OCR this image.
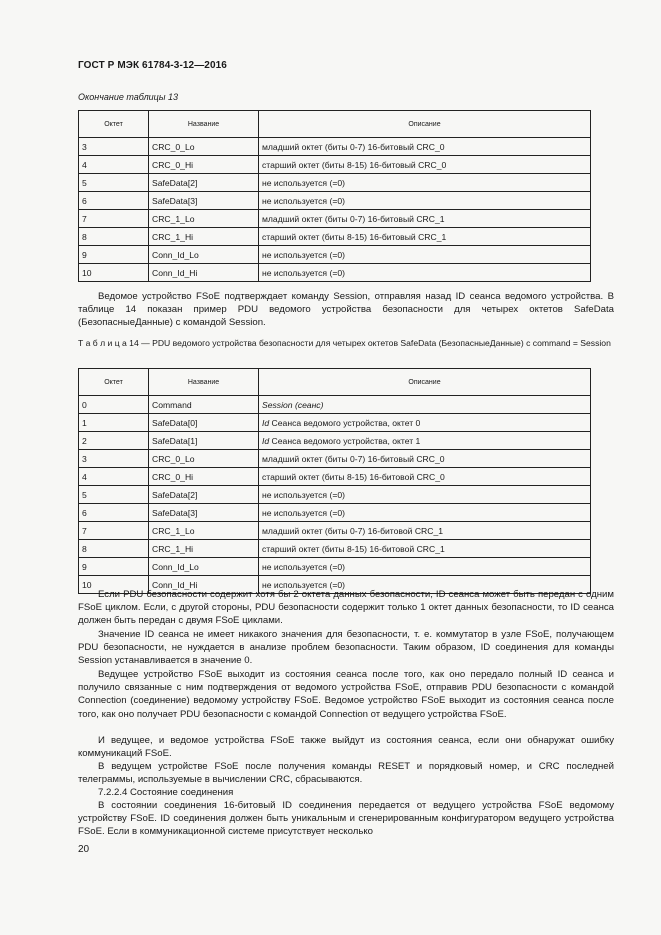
ГОСТ Р МЭК 61784-3-12—2016
Окончание таблицы 13
Октет	Название	Описание
3	CRC_0_Lo	младший октет (биты 0-7) 16-битовый CRC_0
4	CRC_0_Hi	старший октет (биты 8-15) 16-битовый CRC_0
5	SafeData[2]	не используется (=0)
6	SafeData[3]	не используется (=0)
7	CRC_1_Lo	младший октет (биты 0-7) 16-битовый CRC_1
8	CRC_1_Hi	старший октет (биты 8-15) 16-битовый CRC_1
9	Conn_Id_Lo	не используется (=0)
10	Conn_Id_Hi	не используется (=0)
Ведомое устройство FSoE подтверждает команду Session, отправляя назад ID сеанса ведомого устройства. В таблице 14 показан пример PDU ведомого устройства безопасности для четырех октетов SafeData (БезопасныеДанные) с командой Session.
Т а б л и ц а 14 — PDU ведомого устройства безопасности для четырех октетов SafeData (БезопасныеДанные) с command = Session
Октет	Название	Описание
0	Command	Session (сеанс)
1	SafeData[0]	Id Сеанса ведомого устройства, октет 0
2	SafeData[1]	Id Сеанса ведомого устройства, октет 1
3	CRC_0_Lo	младший октет (биты 0-7) 16-битовый CRC_0
4	CRC_0_Hi	старший октет (биты 8-15) 16-битовой CRC_0
5	SafeData[2]	не используется (=0)
6	SafeData[3]	не используется (=0)
7	CRC_1_Lo	младший октет (биты 0-7) 16-битовой CRC_1
8	CRC_1_Hi	старший октет (биты 8-15) 16-битовой CRC_1
9	Conn_Id_Lo	не используется (=0)
10	Conn_Id_Hi	не используется (=0)
Если PDU безопасности содержит хотя бы 2 октета данных безопасности, ID сеанса может быть передан с одним FSoE циклом. Если, с другой стороны, PDU безопасности содержит только 1 октет данных безопасности, то ID сеанса должен быть передан с двумя FSoE циклами.
Значение ID сеанса не имеет никакого значения для безопасности, т. е. коммутатор в узле FSoE, получающем PDU безопасности, не нуждается в анализе проблем безопасности. Таким образом, ID соединения для команды Session устанавливается в значение 0.
Ведущее устройство FSoE выходит из состояния сеанса после того, как оно передало полный ID сеанса и получило связанные с ним подтверждения от ведомого устройства FSoE, отправив PDU безопасности с командой Connection (соединение) ведомому устройству FSoE. Ведомое устройство FSoE выходит из состояния сеанса после того, как оно получает PDU безопасности с командой Connection от ведущего устройства FSoE.
И ведущее, и ведомое устройства FSoE также выйдут из состояния сеанса, если они обнаружат ошибку коммуникаций FSoE.
В ведущем устройстве FSoE после получения команды RESET и порядковый номер, и CRC последней телеграммы, используемые в вычислении CRC, сбрасываются.
7.2.2.4 Состояние соединения
В состоянии соединения 16-битовый ID соединения передается от ведущего устройства FSoE ведомому устройству FSoE. ID соединения должен быть уникальным и сгенерированным конфигуратором ведущего устройства FSoE. Если в коммуникационной системе присутствует несколько
20
